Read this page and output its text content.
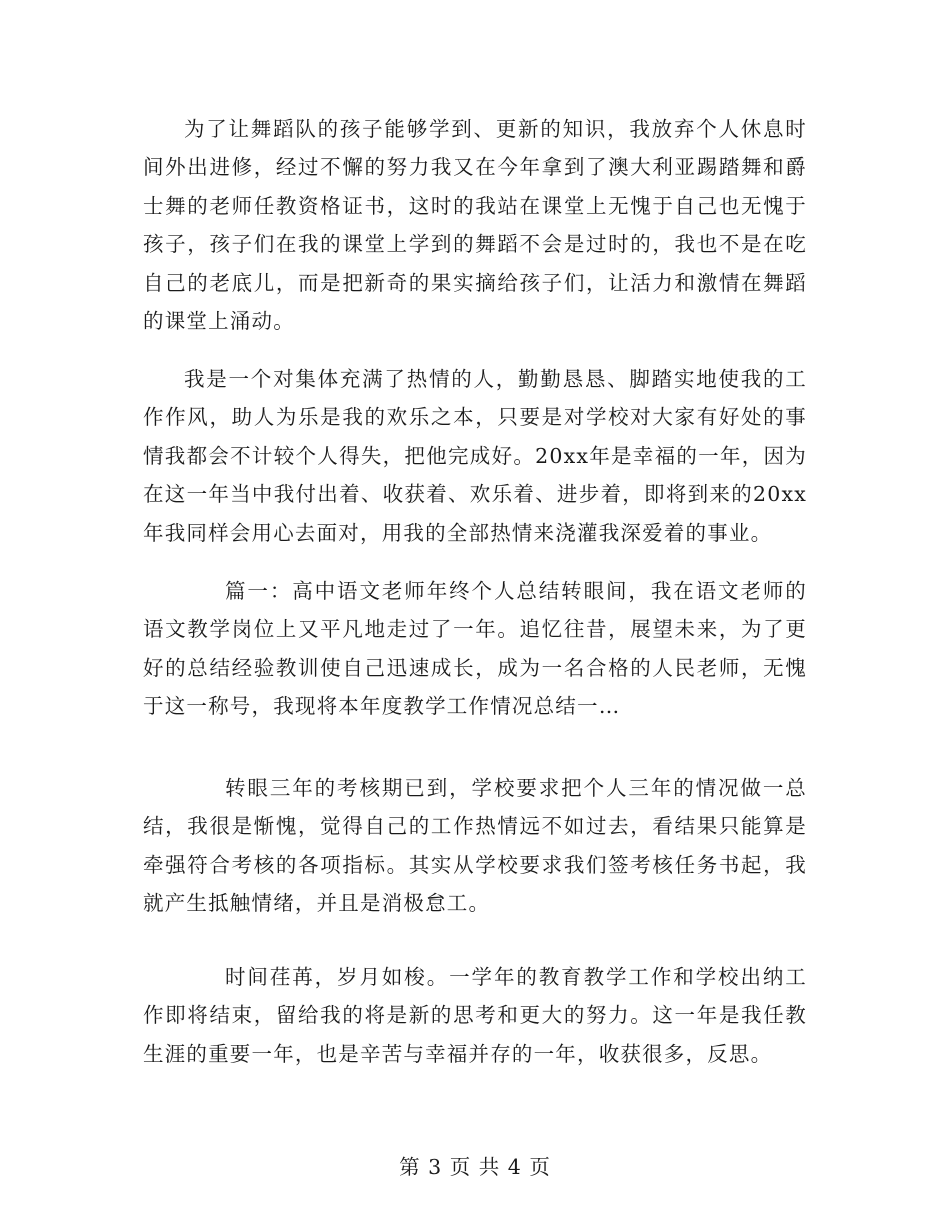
为了让舞蹈队的孩子能够学到、更新的知识，我放弃个人休息时间外出进修，经过不懈的努力我又在今年拿到了澳大利亚踢踏舞和爵士舞的老师任教资格证书，这时的我站在课堂上无愧于自己也无愧于孩子，孩子们在我的课堂上学到的舞蹈不会是过时的，我也不是在吃自己的老底儿，而是把新奇的果实摘给孩子们，让活力和激情在舞蹈的课堂上涌动。

我是一个对集体充满了热情的人，勤勤恳恳、脚踏实地使我的工作作风，助人为乐是我的欢乐之本，只要是对学校对大家有好处的事情我都会不计较个人得失，把他完成好。20xx年是幸福的一年，因为在这一年当中我付出着、收获着、欢乐着、进步着，即将到来的20xx年我同样会用心去面对，用我的全部热情来浇灌我深爱着的事业。

篇一：高中语文老师年终个人总结转眼间，我在语文老师的语文教学岗位上又平凡地走过了一年。追忆往昔，展望未来，为了更好的总结经验教训使自己迅速成长，成为一名合格的人民老师，无愧于这一称号，我现将本年度教学工作情况总结一…

转眼三年的考核期已到，学校要求把个人三年的情况做一总结，我很是惭愧，觉得自己的工作热情远不如过去，看结果只能算是牵强符合考核的各项指标。其实从学校要求我们签考核任务书起，我就产生抵触情绪，并且是消极怠工。

时间荏苒，岁月如梭。一学年的教育教学工作和学校出纳工作即将结束，留给我的将是新的思考和更大的努力。这一年是我任教生涯的重要一年，也是辛苦与幸福并存的一年，收获很多，反思。

第 3 页 共 4 页
